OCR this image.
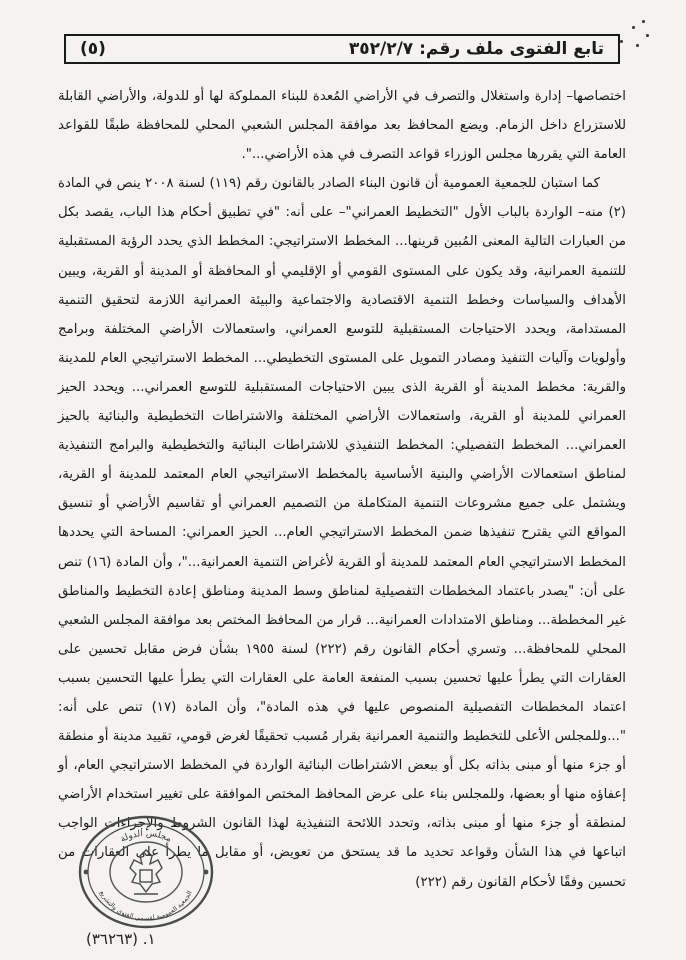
تابع الفتوى ملف رقم: ٣٥٢/٢/٧
(٥)

اختصاصها– إدارة واستغلال والتصرف في الأراضي المُعدة للبناء المملوكة لها أو للدولة، والأراضي القابلة للاستزراع داخل الزمام. ويضع المحافظ بعد موافقة المجلس الشعبي المحلي للمحافظة طبقًا للقواعد العامة التي يقررها مجلس الوزراء قواعد التصرف في هذه الأراضي...".

كما استبان للجمعية العمومية أن قانون البناء الصادر بالقانون رقم (١١٩) لسنة ٢٠٠٨ ينص في المادة (٢) منه– الواردة بالباب الأول "التخطيط العمراني"– على أنه: "في تطبيق أحكام هذا الباب، يقصد بكل من العبارات التالية المعنى المُبين قرينها... المخطط الاستراتيجي: المخطط الذي يحدد الرؤية المستقبلية للتنمية العمرانية، وقد يكون على المستوى القومي أو الإقليمي أو المحافظة أو المدينة أو القرية، ويبين الأهداف والسياسات وخطط التنمية الاقتصادية والاجتماعية والبيئة العمرانية اللازمة لتحقيق التنمية المستدامة، ويحدد الاحتياجات المستقبلية للتوسع العمراني، واستعمالات الأراضي المختلفة وبرامج وأولويات وآليات التنفيذ ومصادر التمويل على المستوى التخطيطي... المخطط الاستراتيجي العام للمدينة والقرية: مخطط المدينة أو القرية الذى يبين الاحتياجات المستقبلية للتوسع العمراني... ويحدد الحيز العمراني للمدينة أو القرية، واستعمالات الأراضي المختلفة والاشتراطات التخطيطية والبنائية بالحيز العمراني... المخطط التفصيلي: المخطط التنفيذي للاشتراطات البنائية والتخطيطية والبرامج التنفيذية لمناطق استعمالات الأراضي والبنية الأساسية بالمخطط الاستراتيجي العام المعتمد للمدينة أو القرية، ويشتمل على جميع مشروعات التنمية المتكاملة من التصميم العمراني أو تقاسيم الأراضي أو تنسيق المواقع التي يقترح تنفيذها ضمن المخطط الاستراتيجي العام... الحيز العمراني: المساحة التي يحددها المخطط الاستراتيجي العام المعتمد للمدينة أو القرية لأغراض التنمية العمرانية..."، وأن المادة (١٦) تنص على أن: "يصدر باعتماد المخططات التفصيلية لمناطق وسط المدينة ومناطق إعادة التخطيط والمناطق غير المخططة... ومناطق الامتدادات العمرانية... قرار من المحافظ المختص بعد موافقة المجلس الشعبي المحلي للمحافظة... وتسري أحكام القانون رقم (٢٢٢) لسنة ١٩٥٥ بشأن فرض مقابل تحسين على العقارات التي يطرأ عليها تحسين بسبب المنفعة العامة على العقارات التي يطرأ عليها التحسين بسبب اعتماد المخططات التفصيلية المنصوص عليها في هذه المادة"، وأن المادة (١٧) تنص على أنه: "...وللمجلس الأعلى للتخطيط والتنمية العمرانية بقرار مُسبب تحقيقًا لغرض قومي، تقييد مدينة أو منطقة أو جزء منها أو مبنى بذاته بكل أو ببعض الاشتراطات البنائية الواردة في المخطط الاستراتيجي العام، أو إعفاؤه منها أو بعضها، وللمجلس بناء على عرض المحافظ المختص الموافقة على تغيير استخدام الأراضي لمنطقة أو جزء منها أو مبنى بذاته، وتحدد اللائحة التنفيذية لهذا القانون الشروط والإجراءات الواجب اتباعها في هذا الشأن وقواعد تحديد ما قد يستحق من تعويض، أو مقابل ما يطرأ على العقارات من تحسين وفقًا لأحكام القانون رقم (٢٢٢)

مجلس الدولة
الجمعية العمومية لقسمي الفتوى والتشريع
١. (٣٦٢٦٣)
